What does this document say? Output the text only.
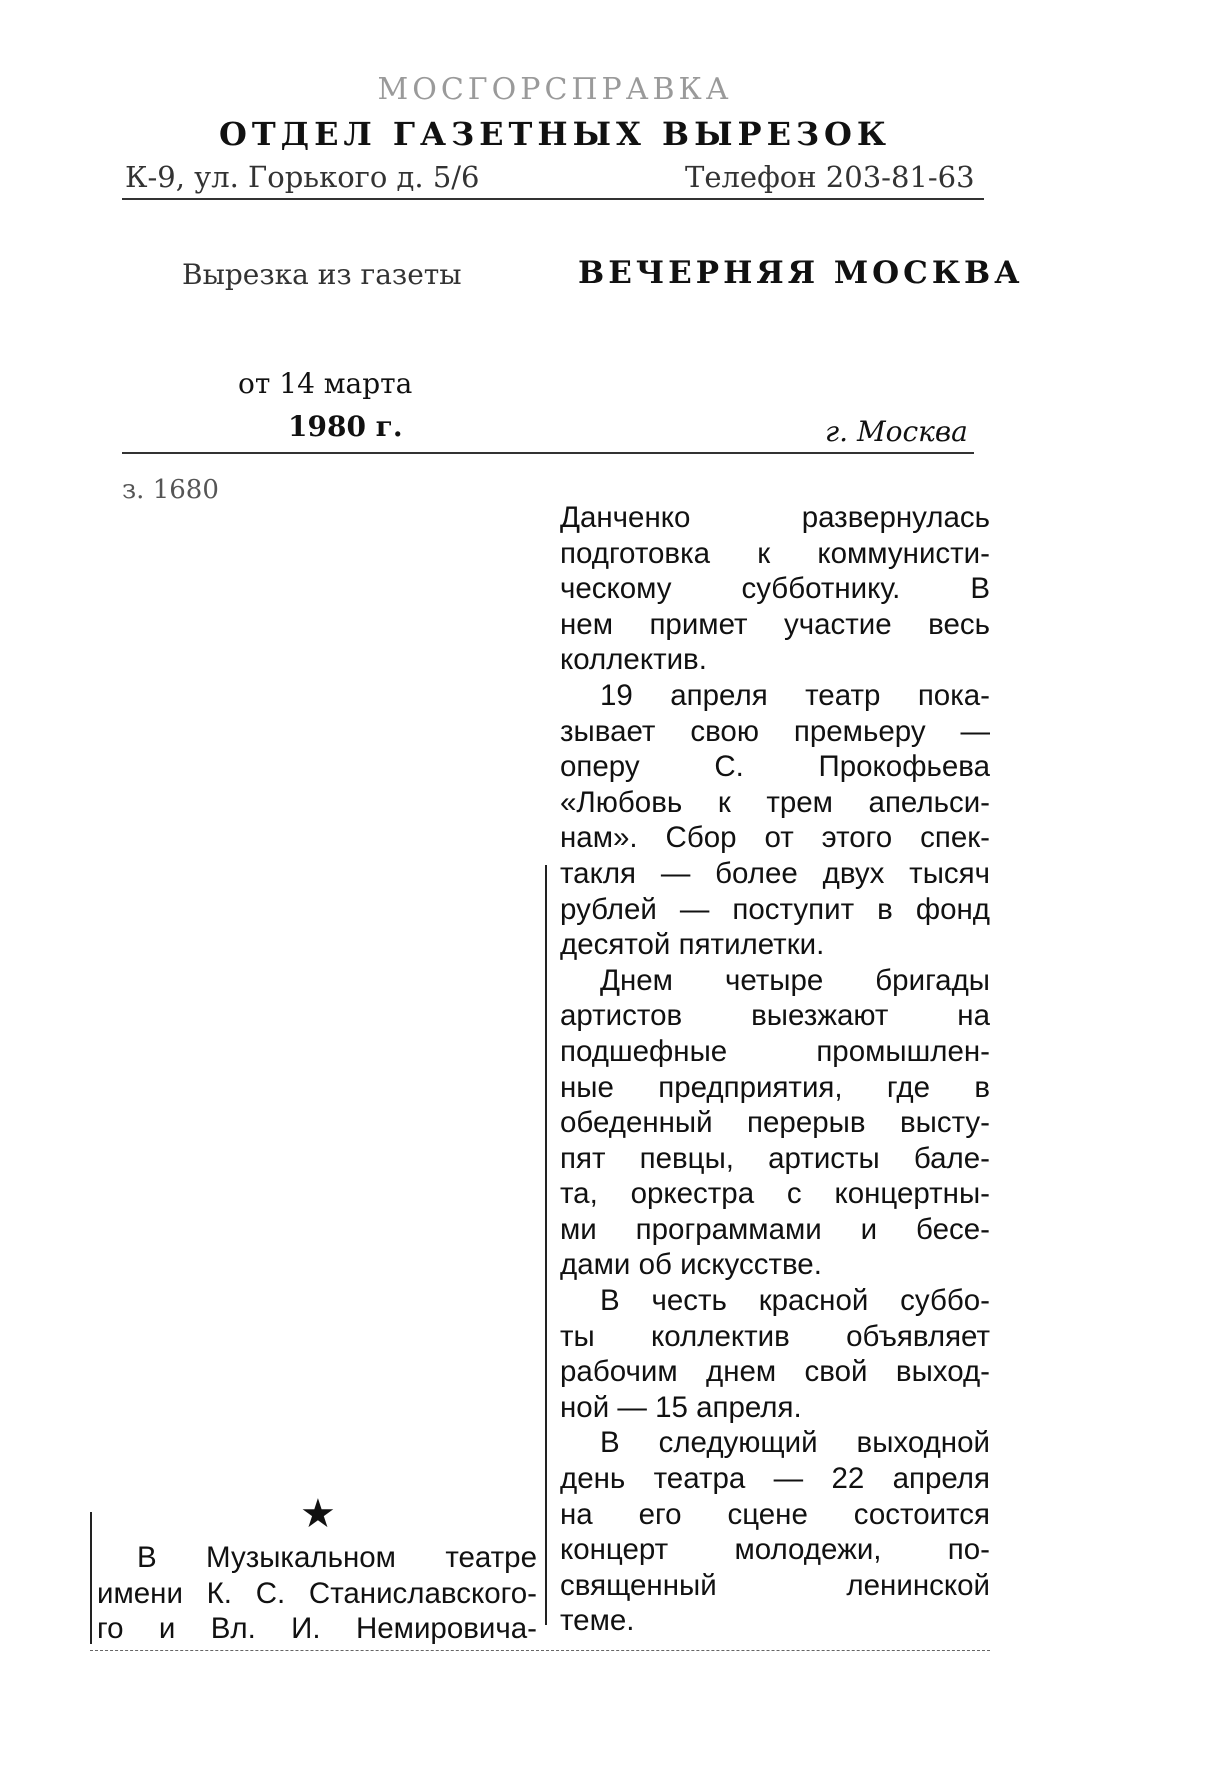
МОСГОРСПРАВКА
ОТДЕЛ ГАЗЕТНЫХ ВЫРЕЗОК
К-9, ул. Горького д. 5/6	Телефон 203-81-63
Вырезка из газеты	ВЕЧЕРНЯЯ МОСКВА
от 14 марта
1980 г.	г. Москва
з. 1680
★
В Музыкальном театре
имени К. С. Станиславского-
го и Вл. И. Немировича-
Данченко развернулась
подготовка к коммунисти-
ческому субботнику. В
нем примет участие весь
коллектив.
19 апреля театр пока-
зывает свою премьеру —
оперу С. Прокофьева
«Любовь к трем апельси-
нам». Сбор от этого спек-
такля — более двух тысяч
рублей — поступит в фонд
десятой пятилетки.
Днем четыре бригады
артистов выезжают на
подшефные промышлен-
ные предприятия, где в
обеденный перерыв высту-
пят певцы, артисты бале-
та, оркестра с концертны-
ми программами и бесе-
дами об искусстве.
В честь красной суббо-
ты коллектив объявляет
рабочим днем свой выход-
ной — 15 апреля.
В следующий выходной
день театра — 22 апреля
на его сцене состоится
концерт молодежи, по-
священный ленинской
теме.
